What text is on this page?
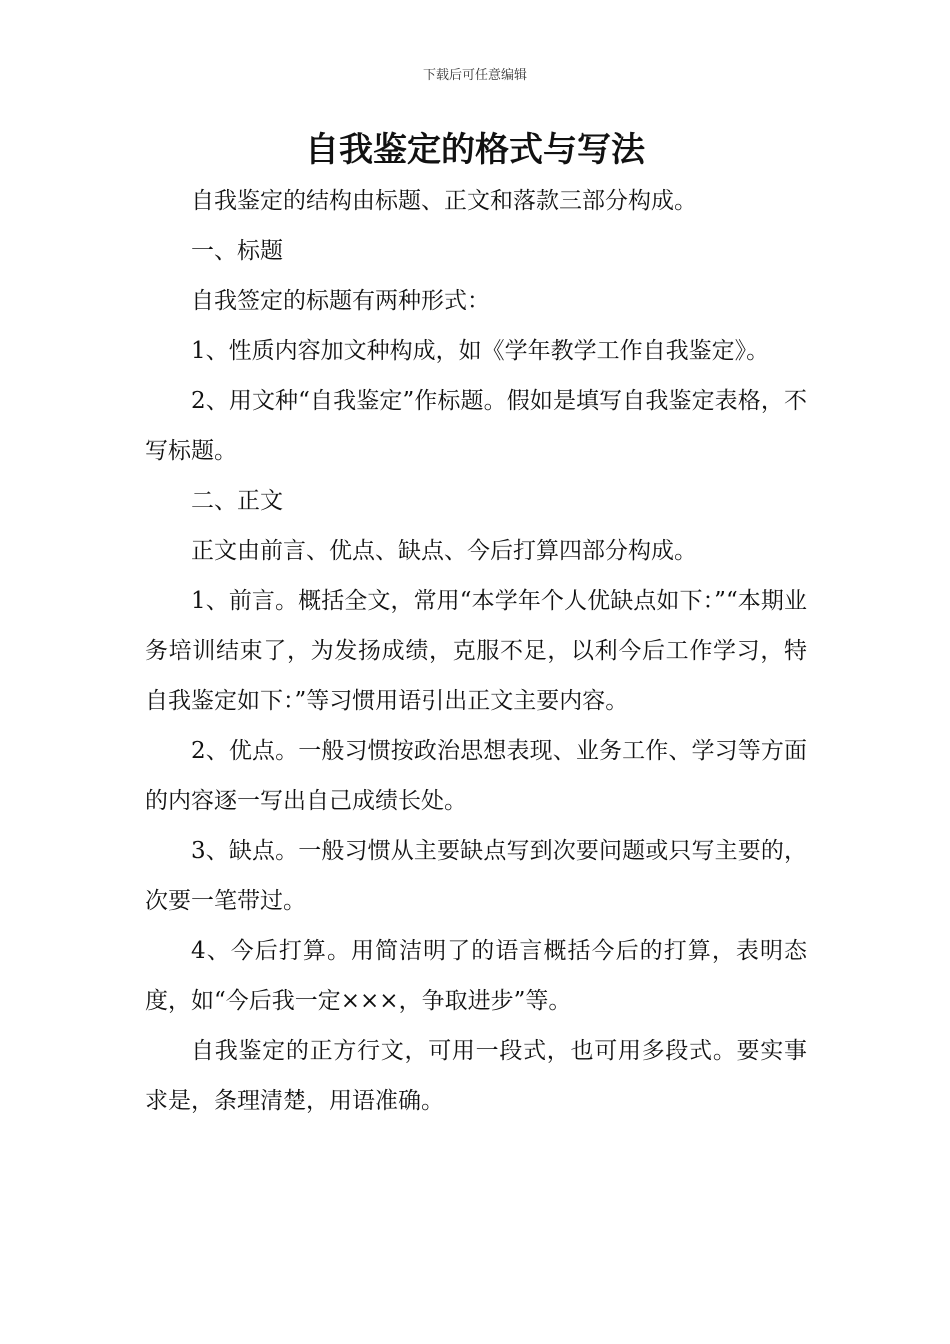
下载后可任意编辑
自我鉴定的格式与写法

自我鉴定的结构由标题、正文和落款三部分构成。

一、标题

自我签定的标题有两种形式：

1、性质内容加文种构成，如《学年教学工作自我鉴定》。

2、用文种“自我鉴定”作标题。假如是填写自我鉴定表格，不写标题。

二、正文

正文由前言、优点、缺点、今后打算四部分构成。

1、前言。概括全文，常用“本学年个人优缺点如下：”“本期业务培训结束了，为发扬成绩，克服不足，以利今后工作学习，特自我鉴定如下：”等习惯用语引出正文主要内容。

2、优点。一般习惯按政治思想表现、业务工作、学习等方面的内容逐一写出自己成绩长处。

3、缺点。一般习惯从主要缺点写到次要问题或只写主要的，次要一笔带过。

4、今后打算。用简洁明了的语言概括今后的打算，表明态度，如“今后我一定×××，争取进步”等。

自我鉴定的正方行文，可用一段式，也可用多段式。要实事求是，条理清楚，用语准确。
